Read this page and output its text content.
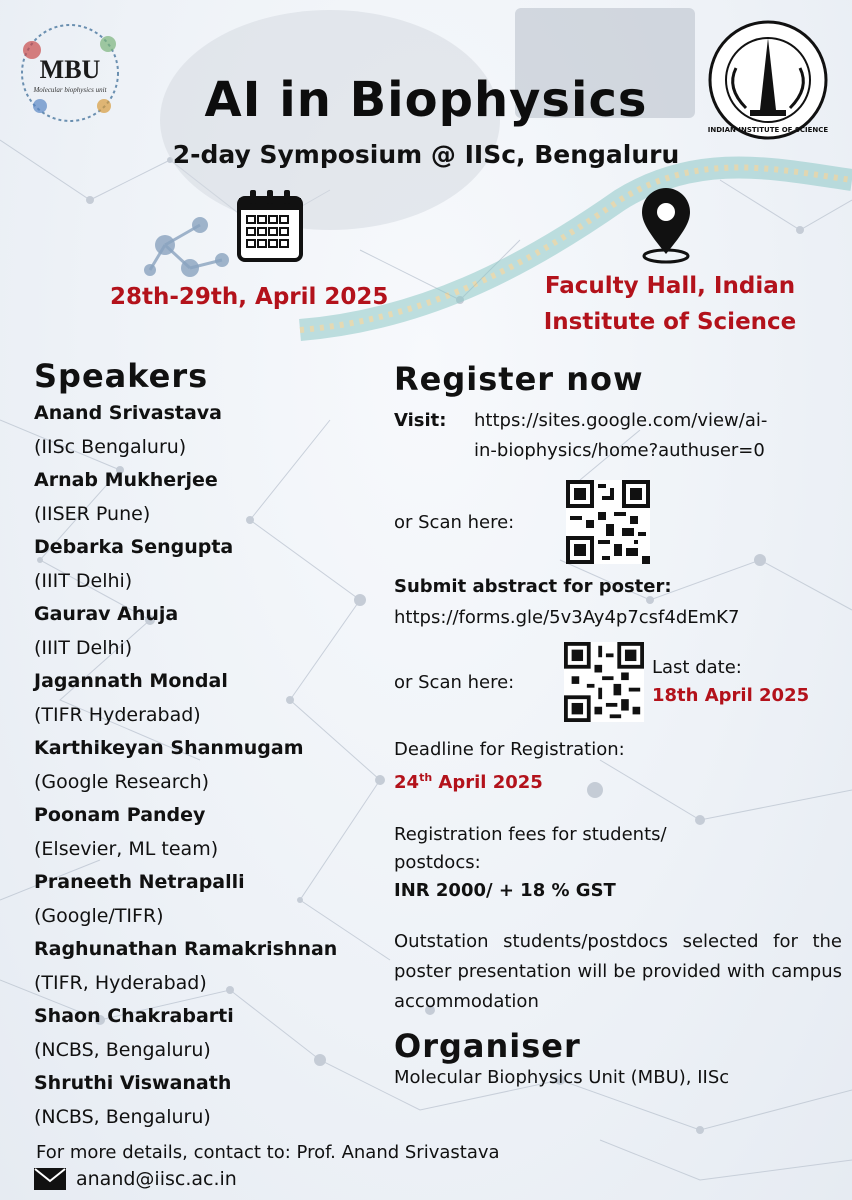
MBU
Molecular biophysics unit
INDIAN INSTITUTE OF SCIENCE
AI in Biophysics
2-day Symposium @ IISc, Bengaluru
28th-29th, April 2025	Faculty Hall, Indian
Institute of Science
Speakers

Anand Srivastava

(IISc Bengaluru)

Arnab Mukherjee

(IISER Pune)

Debarka Sengupta

(IIIT Delhi)

Gaurav Ahuja

(IIIT Delhi)

Jagannath Mondal

(TIFR Hyderabad)

Karthikeyan Shanmugam

(Google Research)

Poonam Pandey

(Elsevier, ML team)

Praneeth Netrapalli

(Google/TIFR)

Raghunathan Ramakrishnan

(TIFR, Hyderabad)

Shaon Chakrabarti

(NCBS, Bengaluru)

Shruthi Viswanath

(NCBS, Bengaluru)

Register now
Visit:	https://sites.google.com/view/ai-
in-biophysics/home?authuser=0
or Scan here:
Submit abstract for poster:
https://forms.gle/5v3Ay4p7csf4dEmK7
or Scan here:
Last date:
18th April 2025
Deadline for Registration:
24th April 2025
Registration fees for students/
postdocs:
INR 2000/ + 18 % GST
Outstation students/postdocs selected for the poster presentation will be provided with campus accommodation
Organiser
Molecular Biophysics Unit (MBU), IISc
For more details, contact to: Prof. Anand Srivastava
anand@iisc.ac.in
